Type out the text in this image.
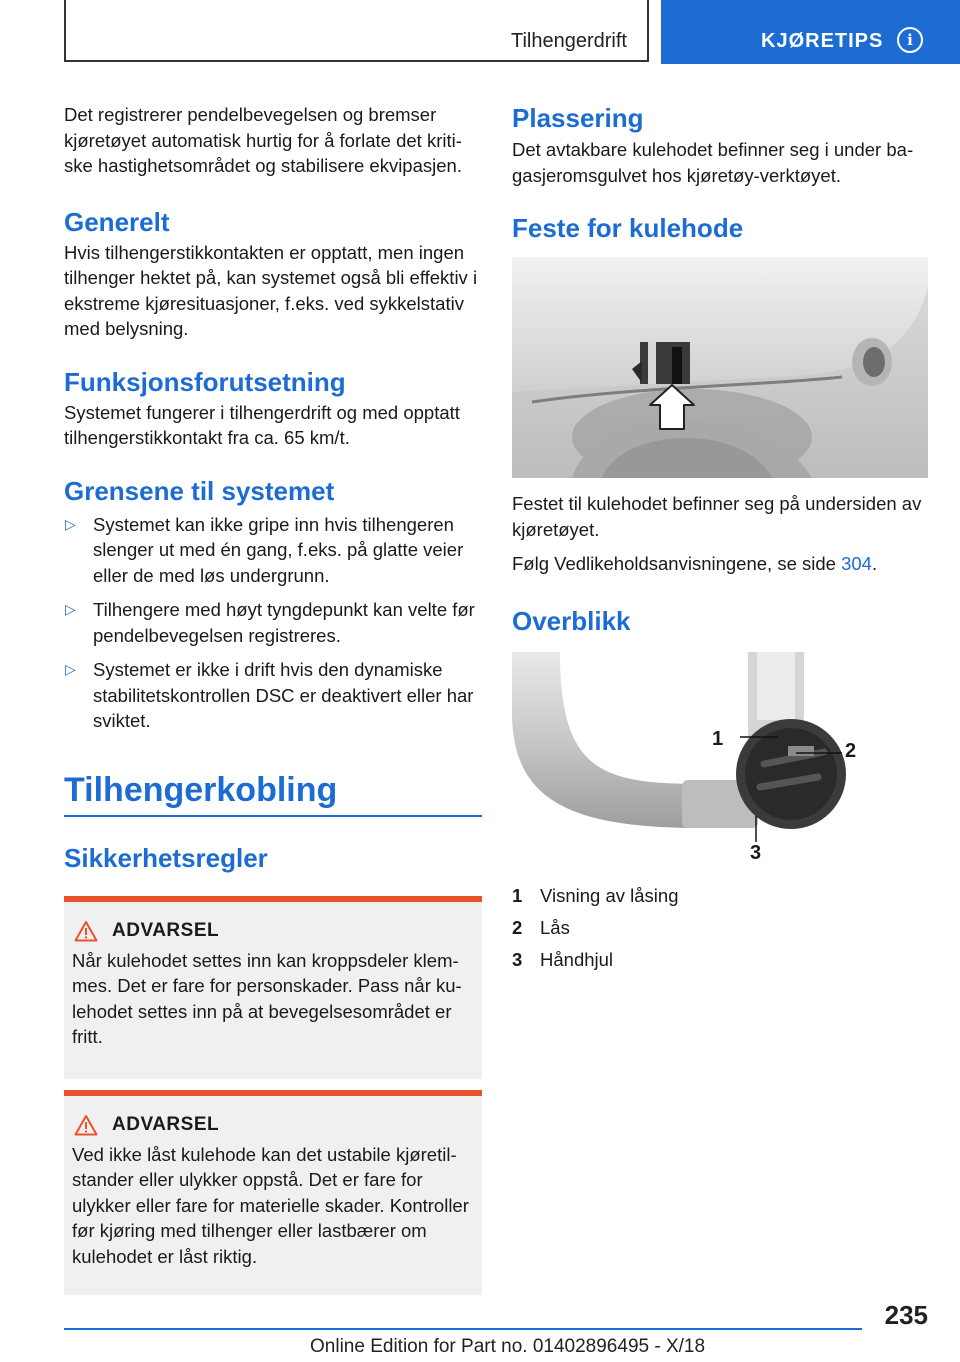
Tilhengerdrift	KJØRETIPS	i

Det registrerer pendelbevegelsen og bremser kjøretøyet automatisk hurtig for å forlate det kritiske hastighetsområdet og stabilisere ekvipasjen.

Generelt

Hvis tilhengerstikkontakten er opptatt, men ingen tilhenger hektet på, kan systemet også bli effektiv i ekstreme kjøresituasjoner, f.eks. ved sykkelstativ med belysning.

Funksjonsforutsetning

Systemet fungerer i tilhengerdrift og med opptatt tilhengerstikkontakt fra ca. 65 km/t.

Grensene til systemet
▷ Systemet kan ikke gripe inn hvis tilhengeren slenger ut med én gang, f.eks. på glatte veier eller de med løs undergrunn.
▷ Tilhengere med høyt tyngdepunkt kan velte før pendelbevegelsen registreres.
▷ Systemet er ikke i drift hvis den dynamiske stabilitetskontrollen DSC er deaktivert eller har sviktet.
Tilhengerkobling
Sikkerhetsregler
ADVARSEL

Når kulehodet settes inn kan kroppsdeler klemmes. Det er fare for personskader. Pass når kulehodet settes inn på at bevegelsesområdet er fritt.

ADVARSEL

Ved ikke låst kulehode kan det ustabile kjøretilstander eller ulykker oppstå. Det er fare for ulykker eller fare for materielle skader. Kontroller før kjøring med tilhenger eller lastbærer om kulehodet er låst riktig.

Plassering

Det avtakbare kulehodet befinner seg i under bagasjeromsgulvet hos kjøretøy-verktøyet.

Feste for kulehode

Festet til kulehodet befinner seg på undersiden av kjøretøyet.

Følg Vedlikeholdsanvisningene, se side 304.

Overblikk
1
2
3
1 Visning av låsing
2 Lås
3 Håndhjul
235
Online Edition for Part no. 01402896495 - X/18
